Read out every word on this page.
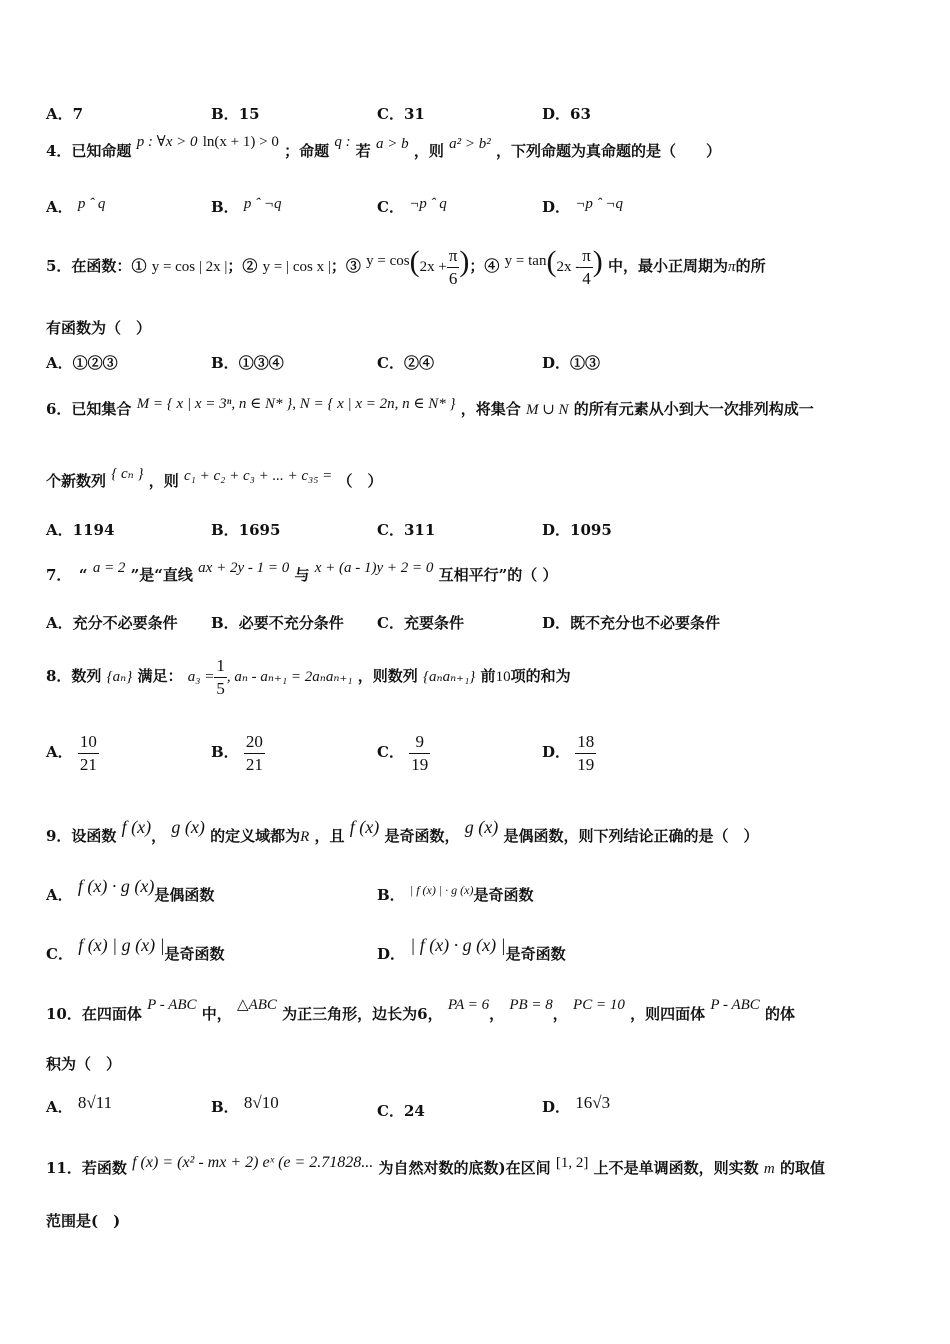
A．7	B．15	C．31	D．63
4．已知命题 p : ∀x > 0 ln(x + 1) > 0 ；命题 q : 若 a > b ，则 a² > b² ，下列命题为真命题的是（　　）
A． p ˆ q	B． p ˆ ¬q	C． ¬p ˆ q	D． ¬p ˆ ¬q
5．在函数：① y = cos | 2x |；② y = | cos x |；③ $y = \cos(2x + \frac{\pi}{6}$ )；④ $y = \tan(2x - \frac{\pi}{4}$ ) 中，最小正周期为π的所
有函数为（　）
A．①②③	B．①③④	C．②④	D．①③
6．已知集合 M = { x | x = 3ⁿ, n ∈ N* }, N = { x | x = 2n, n ∈ N* } ，将集合 M ∪ N 的所有元素从小到大一次排列构成一
个新数列 { cₙ } ，则 c₁ + c₂ + c₃ + ... + c₃₅ = （　）
A．1194	B．1695	C．311	D．1095
7．　“ a = 2 ”是“直线 ax + 2y - 1 = 0 与 x + (a - 1)y + 2 = 0 互相平行”的（ ）
A．充分不必要条件 B．必要不充分条件 C．充要条件	D．既不充分也不必要条件
8．数列 {aₙ} 满足： $a_3 = \frac{1}{5}$ , aₙ - aₙ₊₁ = 2aₙaₙ₊₁ ，则数列 {aₙaₙ₊₁} 前10项的和为
A． $\frac{10}{21}$	B． $\frac{20}{21}$	C． $\frac{9}{19}$	D． $\frac{18}{19}$
9．设函数 f (x)， g (x) 的定义域都为R ，且 f (x) 是奇函数， g (x) 是偶函数，则下列结论正确的是（　）
A． f (x) · g (x)是偶函数	B． $^{| f (x) | \cdot g (x)}$是奇函数
C． f (x) | g (x) |是奇函数	D． | f (x) · g (x) |是奇函数
10．在四面体 P - ABC 中， △ABC 为正三角形，边长为6， PA = 6， PB = 8， PC = 10 ，则四面体 P - ABC 的体
积为（　）
A． 8√11	B． 8√10	C．24	D． 16√3
11．若函数 f (x) = (x² - mx + 2) eˣ (e = 2.71828... 为自然对数的底数)在区间 [1, 2] 上不是单调函数，则实数 m 的取值
范围是(　)
